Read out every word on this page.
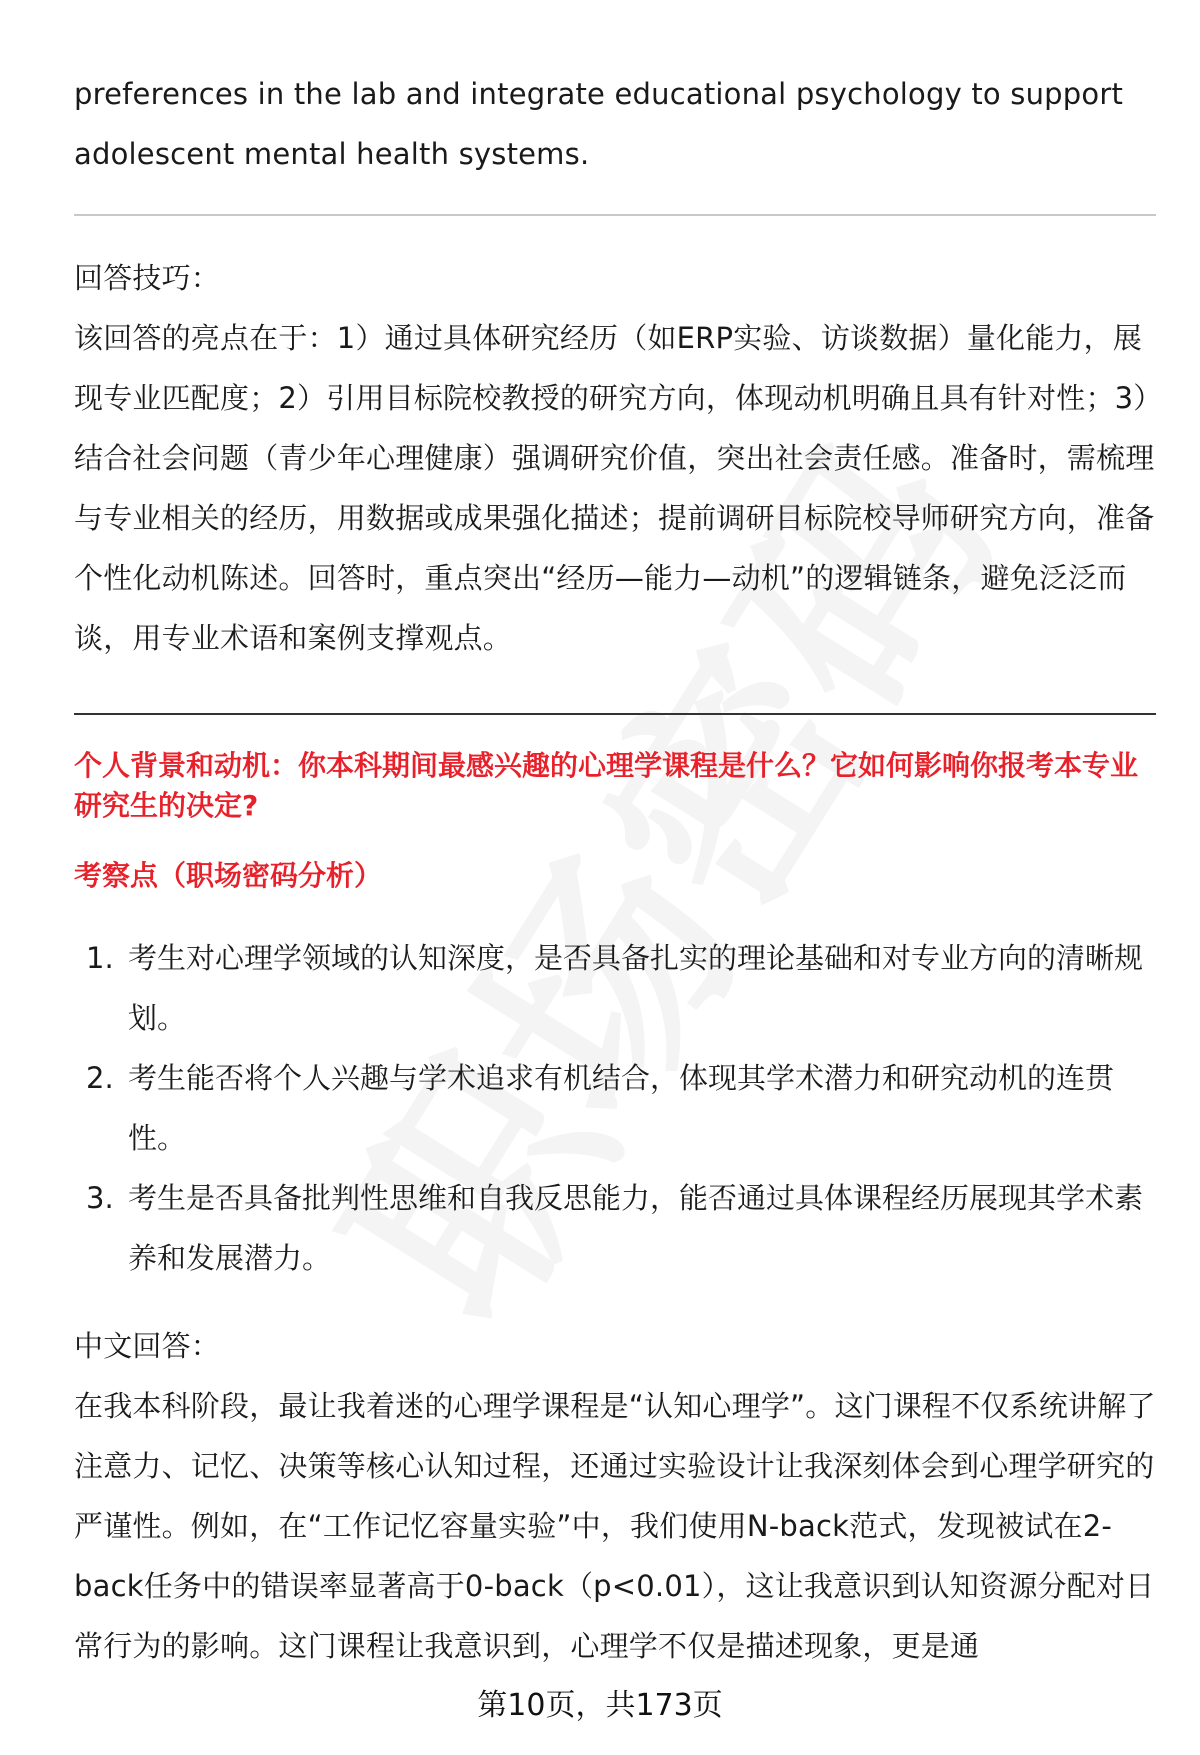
preferences in the lab and integrate educational psychology to support adolescent mental health systems.

回答技巧：

该回答的亮点在于：1）通过具体研究经历（如ERP实验、访谈数据）量化能力，展现专业匹配度；2）引用目标院校教授的研究方向，体现动机明确且具有针对性；3）结合社会问题（青少年心理健康）强调研究价值，突出社会责任感。准备时，需梳理与专业相关的经历，用数据或成果强化描述；提前调研目标院校导师研究方向，准备个性化动机陈述。回答时，重点突出“经历—能力—动机”的逻辑链条，避免泛泛而谈，用专业术语和案例支撑观点。

个人背景和动机：你本科期间最感兴趣的心理学课程是什么？它如何影响你报考本专业研究生的决定?

考察点（职场密码分析）

1. 考生对心理学领域的认知深度，是否具备扎实的理论基础和对专业方向的清晰规划。
2. 考生能否将个人兴趣与学术追求有机结合，体现其学术潜力和研究动机的连贯性。
3. 考生是否具备批判性思维和自我反思能力，能否通过具体课程经历展现其学术素养和发展潜力。

中文回答：

在我本科阶段，最让我着迷的心理学课程是“认知心理学”。这门课程不仅系统讲解了注意力、记忆、决策等核心认知过程，还通过实验设计让我深刻体会到心理学研究的严谨性。例如，在“工作记忆容量实验”中，我们使用N-back范式，发现被试在2-back任务中的错误率显著高于0-back（p<0.01），这让我意识到认知资源分配对日常行为的影响。这门课程让我意识到，心理学不仅是描述现象，更是通

第10页，共173页
